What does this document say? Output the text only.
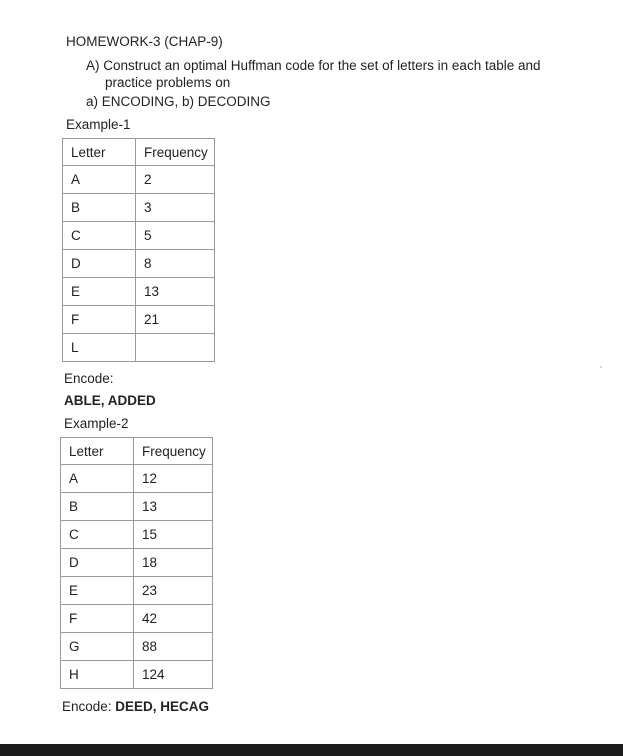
HOMEWORK-3 (CHAP-9)
A) Construct an optimal Huffman code for the set of letters in each table and
practice problems on
a) ENCODING, b) DECODING
Example-1
Letter	Frequency
A	2
B	3
C	5
D	8
E	13
F	21
L	
Encode:
ABLE, ADDED
Example-2
Letter	Frequency
A	12
B	13
C	15
D	18
E	23
F	42
G	88
H	124
Encode: DEED, HECAG
